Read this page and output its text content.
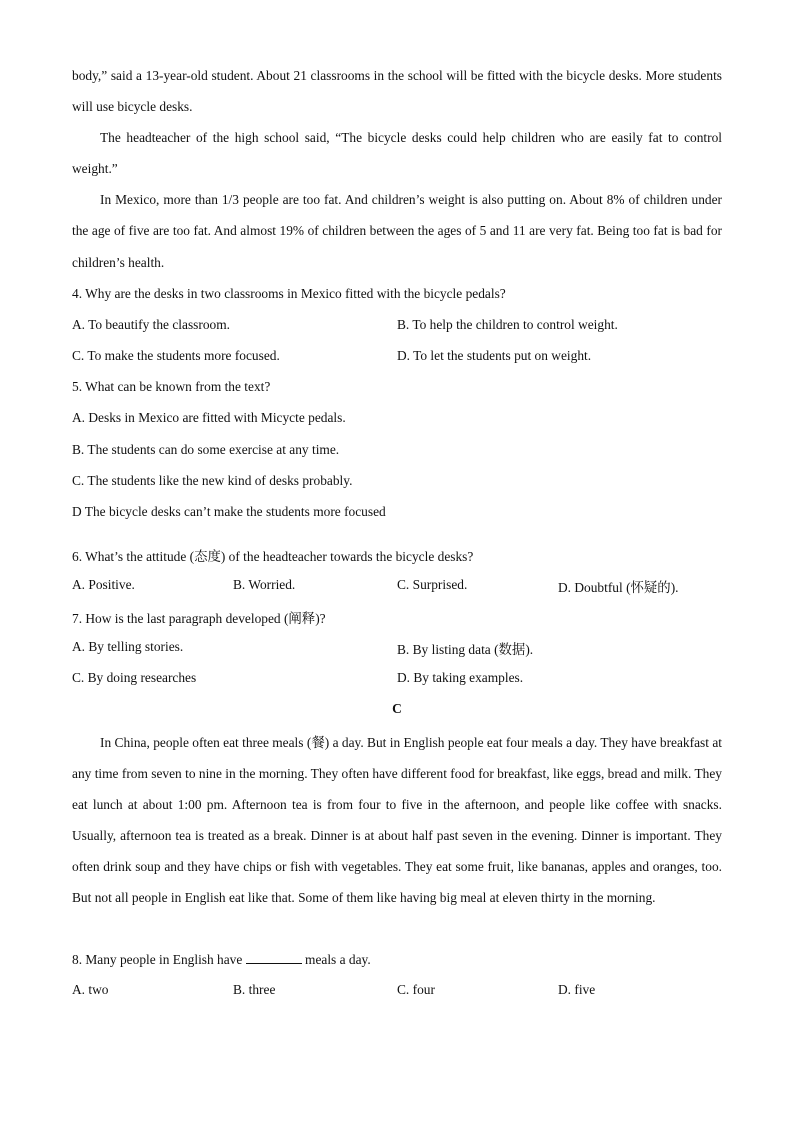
body,” said a 13-year-old student. About 21 classrooms in the school will be fitted with the bicycle desks. More students will use bicycle desks.

The headteacher of the high school said, “The bicycle desks could help children who are easily fat to control weight.”

In Mexico, more than 1/3 people are too fat. And children’s weight is also putting on. About 8% of children under the age of five are too fat. And almost 19% of children between the ages of 5 and 11 are very fat. Being too fat is bad for children’s health.

4. Why are the desks in two classrooms in Mexico fitted with the bicycle pedals?
A. To beautify the classroom.	B. To help the children to control weight.
C. To make the students more focused.	D. To let the students put on weight.
5. What can be known from the text?
A. Desks in Mexico are fitted with Micycte pedals.
B. The students can do some exercise at any time.
C. The students like the new kind of desks probably.
D The bicycle desks can’t make the students more focused
6. What’s the attitude (态度) of the headteacher towards the bicycle desks?
A. Positive.	B. Worried.	C. Surprised.	D. Doubtful (怀疑的).
7. How is the last paragraph developed (阐释)?
A. By telling stories.	B. By listing data (数据).
C. By doing researches	D. By taking examples.
C

In China, people often eat three meals (餐) a day. But in English people eat four meals a day. They have breakfast at any time from seven to nine in the morning. They often have different food for breakfast, like eggs, bread and milk. They eat lunch at about 1:00 pm. Afternoon tea is from four to five in the afternoon, and people like coffee with snacks. Usually, afternoon tea is treated as a break. Dinner is at about half past seven in the evening. Dinner is important. They often drink soup and they have chips or fish with vegetables. They eat some fruit, like bananas, apples and oranges, too. But not all people in English eat like that. Some of them like having big meal at eleven thirty in the morning.

8. Many people in English have	meals a day.
A. two	B. three	C. four	D. five
